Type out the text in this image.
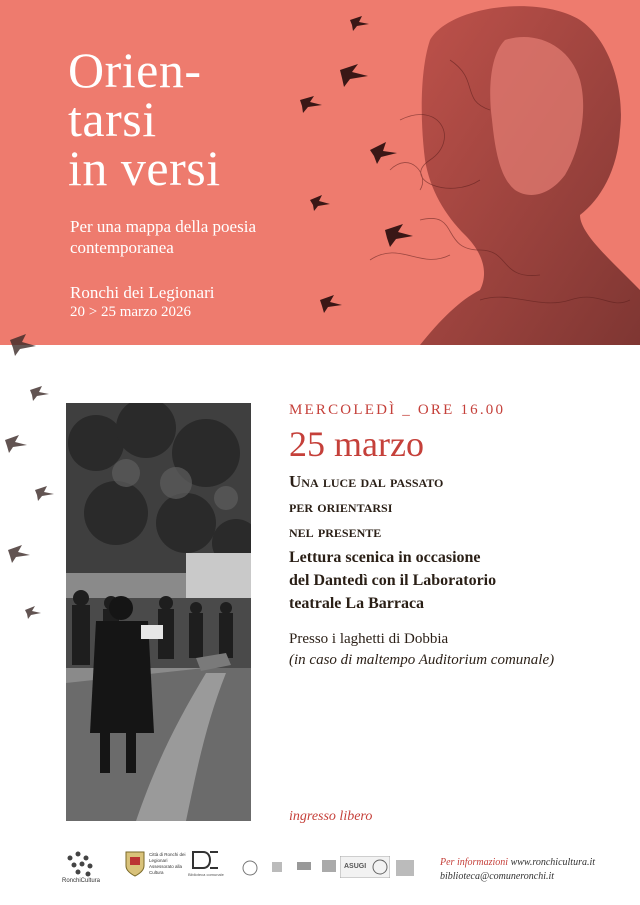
Orien-
tarsi
in versi

Per una mappa della poesia contemporanea

Ronchi dei Legionari

20 > 25 marzo 2026

MERCOLEDÌ _ ORE 16.00

25 marzo
Una luce dal passato
per orientarsi
nel presente

Lettura scenica in occasione
del Dantedì con il Laboratorio
teatrale La Barraca

Presso i laghetti di Dobbia

(in caso di maltempo Auditorium comunale)

ingresso libero

RonchiCultura
Città di Ronchi dei Legionari Assessorato alla Cultura	Biblioteca comunale
ASUGI	Per informazioni www.ronchicultura.it
biblioteca@comuneronchi.it
